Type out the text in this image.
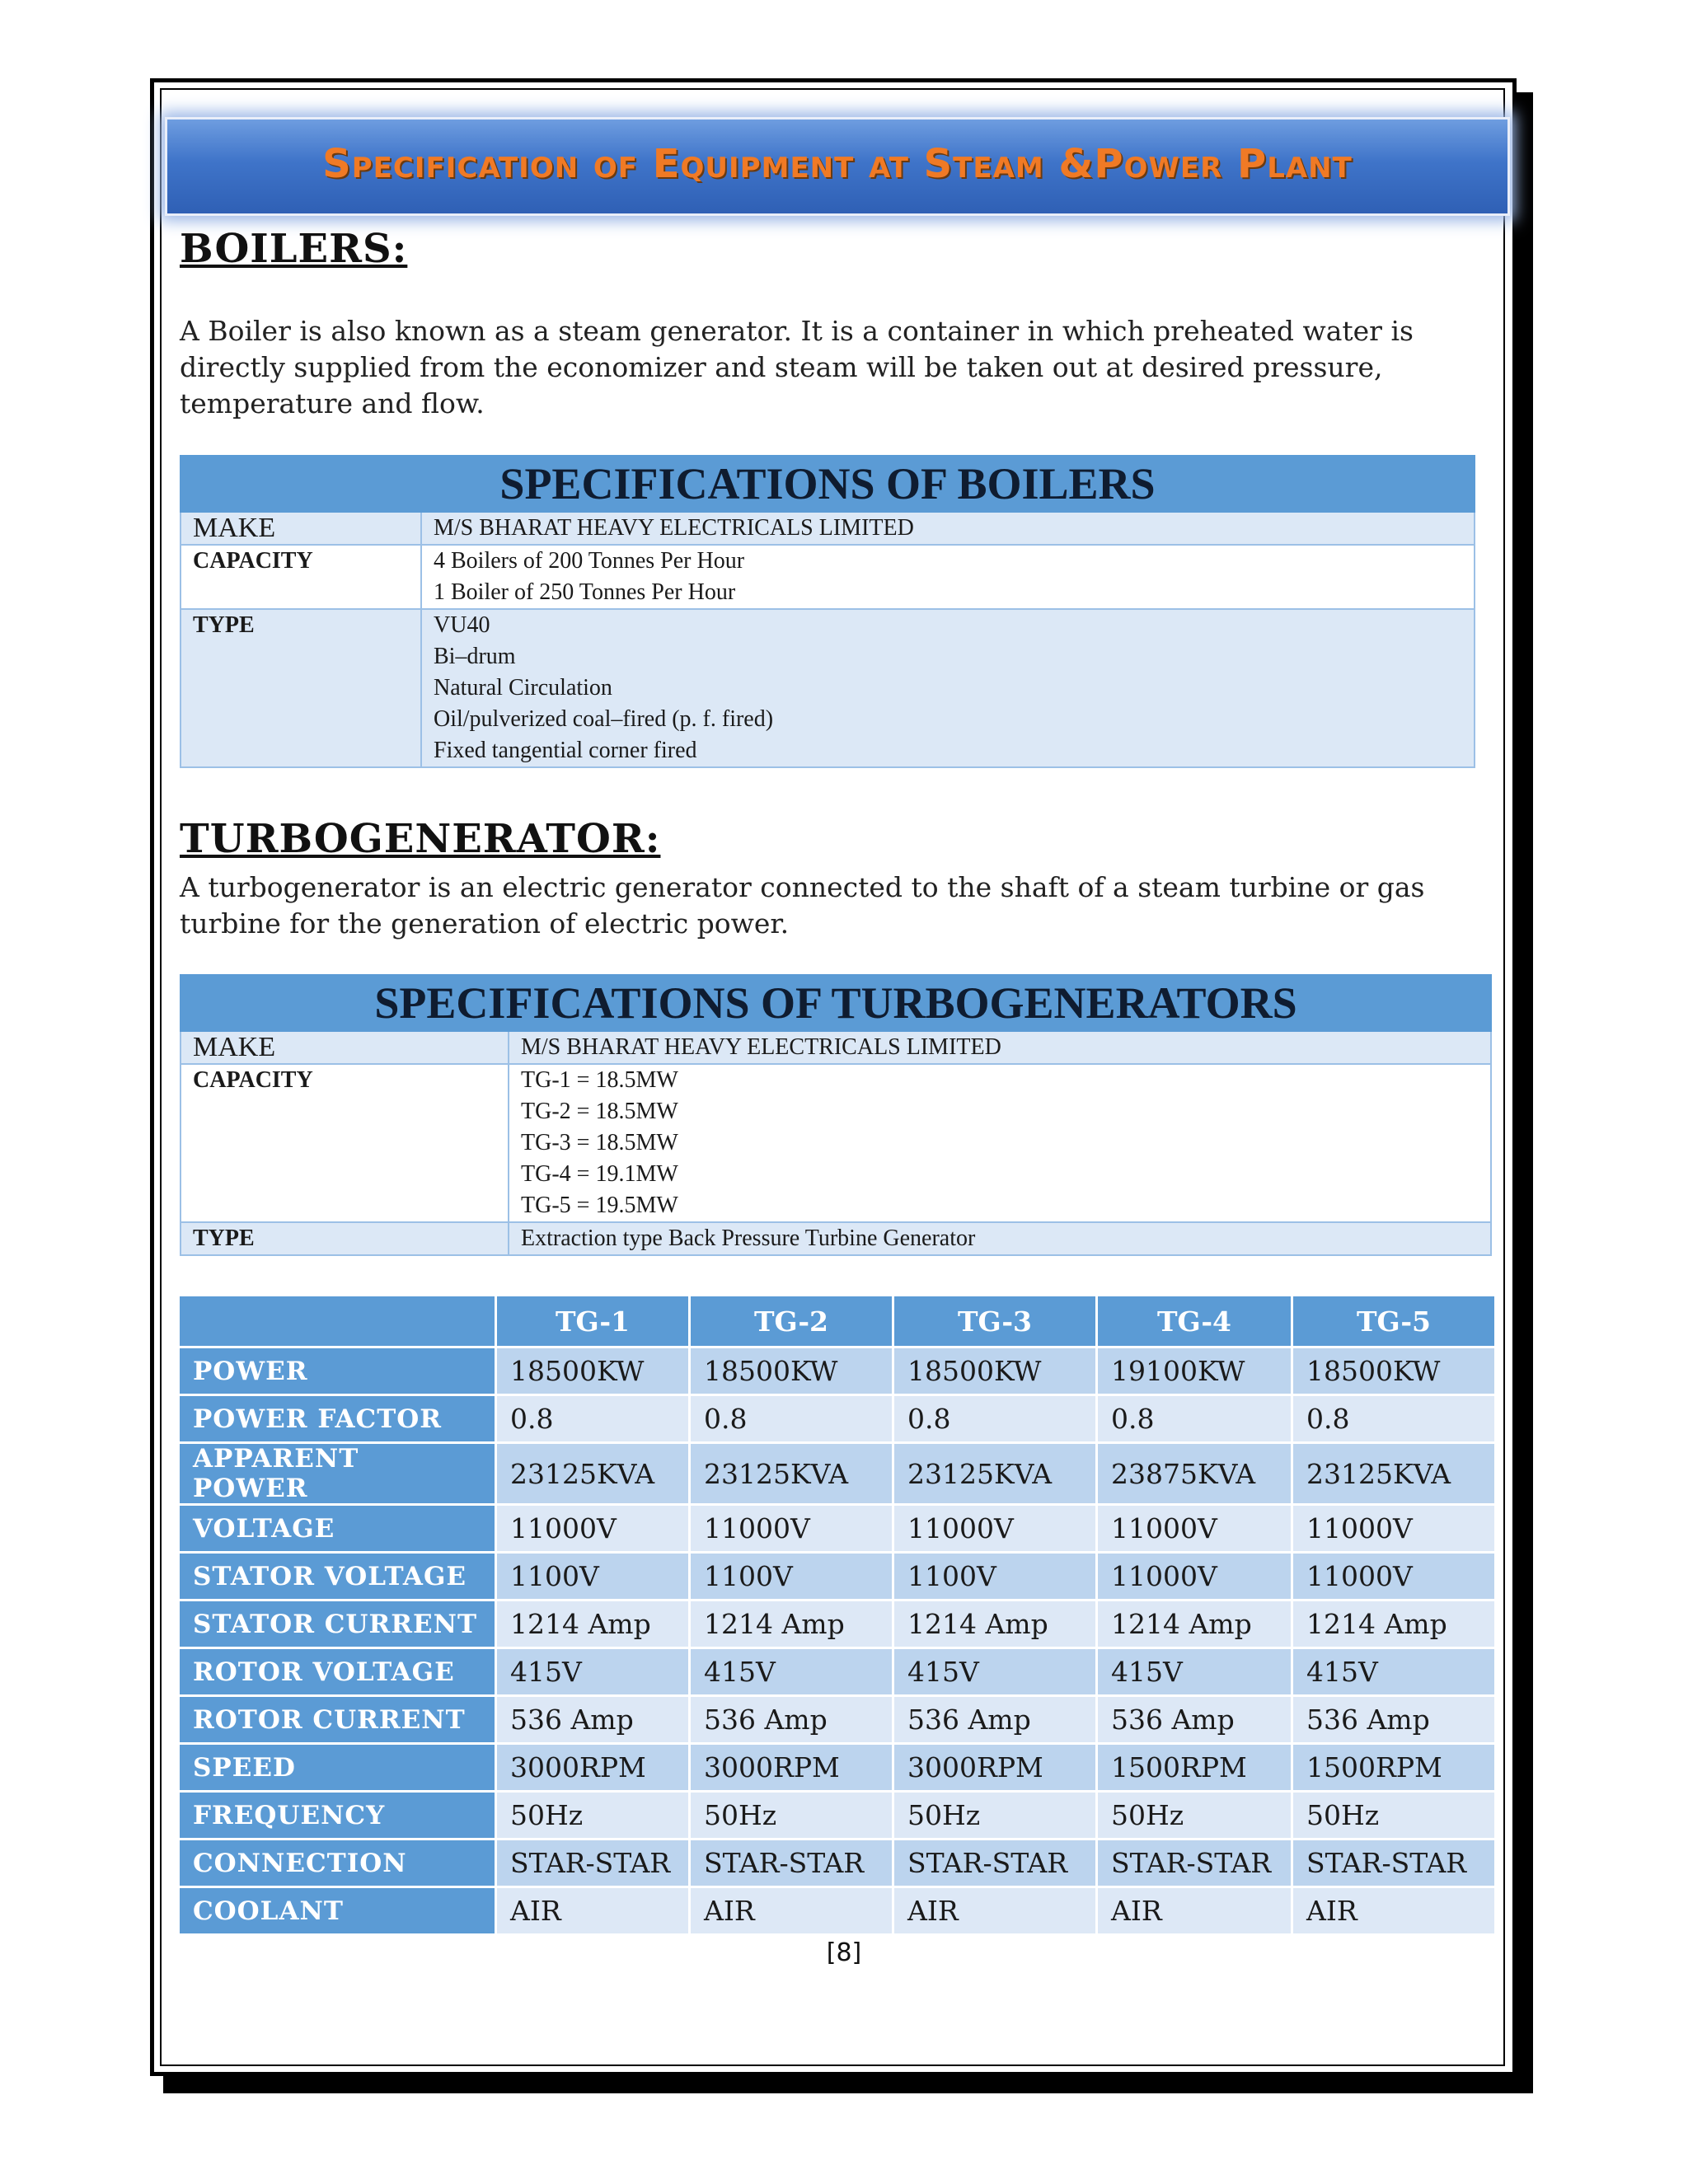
Specification of Equipment at Steam &Power Plant
BOILERS:
A Boiler is also known as a steam generator. It is a container in which preheated water is directly supplied from the economizer and steam will be taken out at desired pressure, temperature and flow.
SPECIFICATIONS OF BOILERS	
MAKE	M/S BHARAT HEAVY ELECTRICALS LIMITED
CAPACITY	4 Boilers of 200 Tonnes Per Hour
1 Boiler of 250 Tonnes Per Hour

TYPE	VU40
Bi–drum
Natural Circulation
Oil/pulverized coal–fired (p. f. fired)
Fixed tangential corner fired
TURBOGENERATOR:
A turbogenerator is an electric generator connected to the shaft of a steam turbine or gas turbine for the generation of electric power.
SPECIFICATIONS OF TURBOGENERATORS	
MAKE	M/S BHARAT HEAVY ELECTRICALS LIMITED
CAPACITY	TG-1 = 18.5MW
TG-2 = 18.5MW
TG-3 = 18.5MW
TG-4 = 19.1MW
TG-5 = 19.5MW

TYPE	Extraction type Back Pressure Turbine Generator
	TG-1	TG-2	TG-3	TG-4	TG-5
POWER	18500KW	18500KW	18500KW	19100KW	18500KW
POWER FACTOR	0.8	0.8	0.8	0.8	0.8
APPARENT POWER	23125KVA	23125KVA	23125KVA	23875KVA	23125KVA
VOLTAGE	11000V	11000V	11000V	11000V	11000V
STATOR VOLTAGE	1100V	1100V	1100V	11000V	11000V
STATOR CURRENT	1214 Amp	1214 Amp	1214 Amp	1214 Amp	1214 Amp
ROTOR VOLTAGE	415V	415V	415V	415V	415V
ROTOR CURRENT	536 Amp	536 Amp	536 Amp	536 Amp	536 Amp
SPEED	3000RPM	3000RPM	3000RPM	1500RPM	1500RPM
FREQUENCY	50Hz	50Hz	50Hz	50Hz	50Hz
CONNECTION	STAR-STAR	STAR-STAR	STAR-STAR	STAR-STAR	STAR-STAR
COOLANT	AIR	AIR	AIR	AIR	AIR
[8]
